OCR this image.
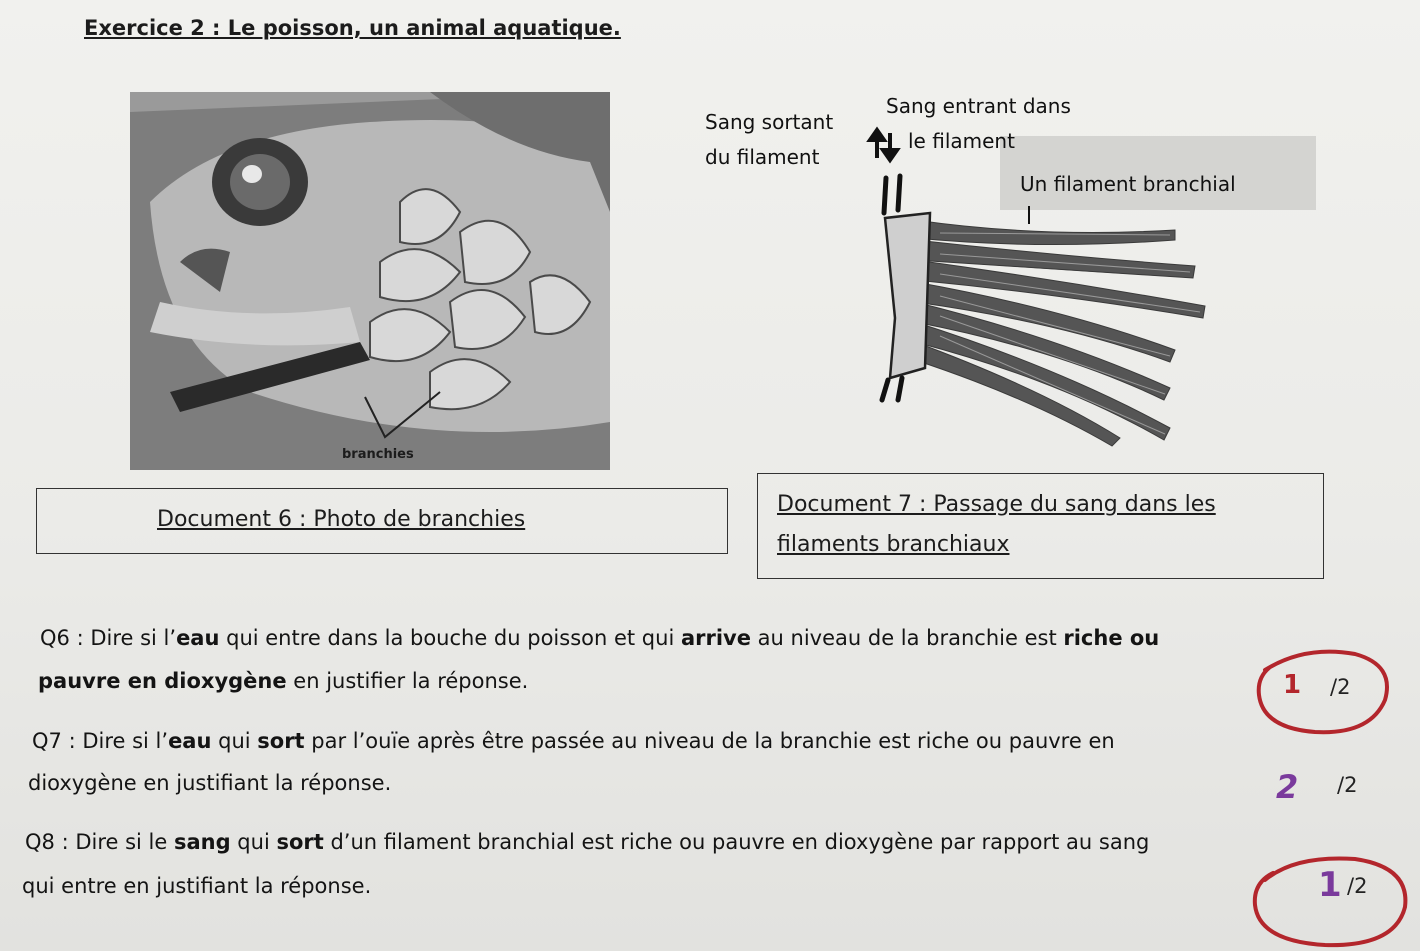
Exercice 2 : Le poisson, un animal aquatique.
branchies
Sang sortant
du filament
Sang entrant dans
le filament
Un filament branchial
Document 6 : Photo de branchies
Document 7 : Passage du sang dans les
filaments branchiaux
Q6 : Dire si l’eau qui entre dans la bouche du poisson et qui arrive au niveau de la branchie est riche ou
pauvre en dioxygène en justifier la réponse.
Q7 : Dire si l’eau qui sort par l’ouïe après être passée au niveau de la branchie est riche ou pauvre en
dioxygène en justifiant la réponse.
Q8 : Dire si le sang qui sort d’un filament branchial est riche ou pauvre en dioxygène par rapport au sang
qui entre en justifiant la réponse.
/2
/2
/2
1
2
1
